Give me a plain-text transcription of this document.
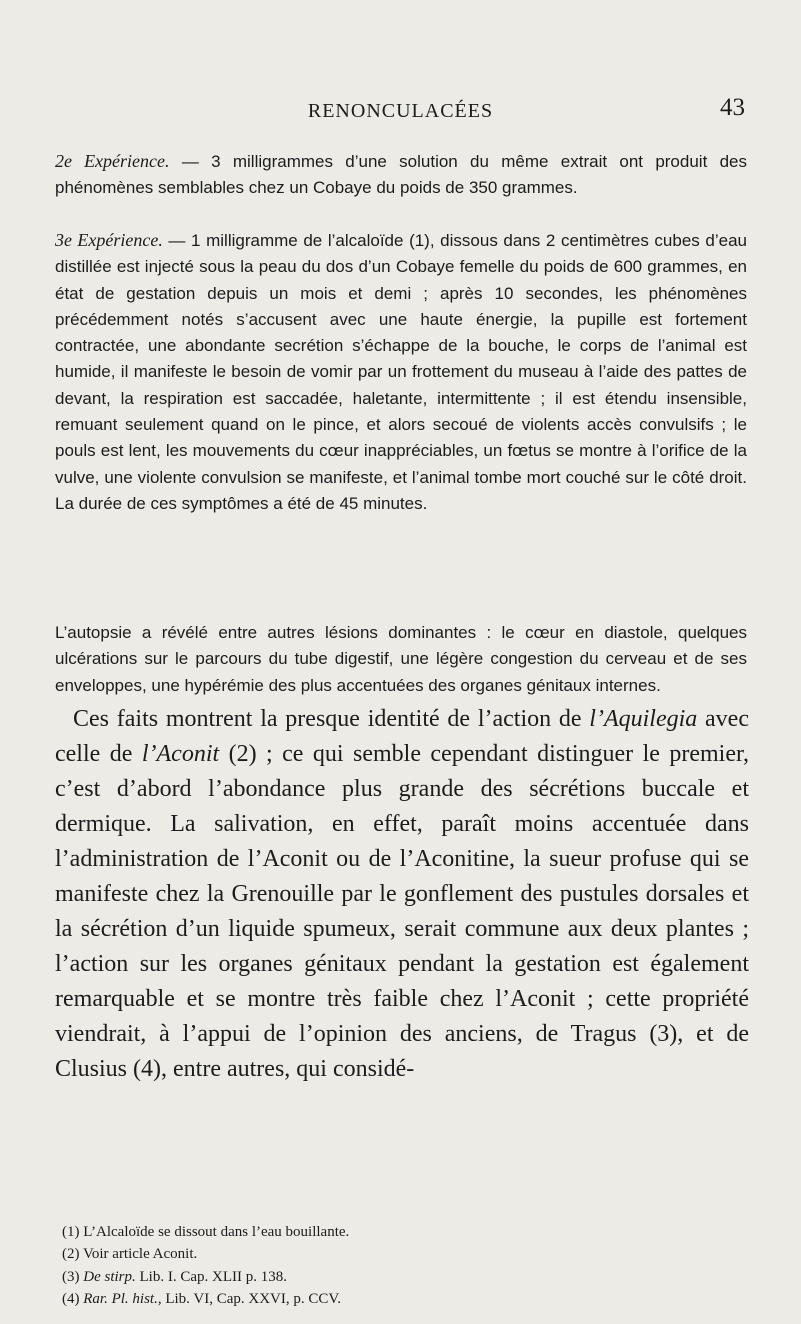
RENONCULACÉES	43

2e Expérience. — 3 milligrammes d’une solution du même extrait ont produit des phénomènes semblables chez un Cobaye du poids de 350 grammes.

3e Expérience. — 1 milligramme de l’alcaloïde (1), dissous dans 2 centimètres cubes d’eau distillée est injecté sous la peau du dos d’un Cobaye femelle du poids de 600 grammes, en état de gestation depuis un mois et demi ; après 10 secondes, les phénomènes précédemment notés s’accusent avec une haute énergie, la pupille est fortement contractée, une abondante secrétion s’échappe de la bouche, le corps de l’animal est humide, il manifeste le besoin de vomir par un frottement du museau à l’aide des pattes de devant, la respiration est saccadée, haletante, intermittente ; il est étendu insensible, remuant seulement quand on le pince, et alors secoué de violents accès convulsifs ; le pouls est lent, les mouvements du cœur inappréciables, un fœtus se montre à l’orifice de la vulve, une violente convulsion se manifeste, et l’animal tombe mort couché sur le côté droit. La durée de ces symptômes a été de 45 minutes.

L’autopsie a révélé entre autres lésions dominantes : le cœur en diastole, quelques ulcérations sur le parcours du tube digestif, une légère congestion du cerveau et de ses enveloppes, une hypérémie des plus accentuées des organes génitaux internes.

Ces faits montrent la presque identité de l’action de l’Aquilegia avec celle de l’Aconit (2) ; ce qui semble cependant distinguer le premier, c’est d’abord l’abondance plus grande des sécrétions buccale et dermique. La salivation, en effet, paraît moins accentuée dans l’administration de l’Aconit ou de l’Aconitine, la sueur profuse qui se manifeste chez la Grenouille par le gonflement des pustules dorsales et la sécrétion d’un liquide spumeux, serait commune aux deux plantes ; l’action sur les organes génitaux pendant la gestation est également remarquable et se montre très faible chez l’Aconit ; cette propriété viendrait, à l’appui de l’opinion des anciens, de Tragus (3), et de Clusius (4), entre autres, qui considé-

(1) L’Alcaloïde se dissout dans l’eau bouillante.
(2) Voir article Aconit.
(3) De stirp. Lib. I. Cap. XLII p. 138.
(4) Rar. Pl. hist., Lib. VI, Cap. XXVI, p. CCV.
